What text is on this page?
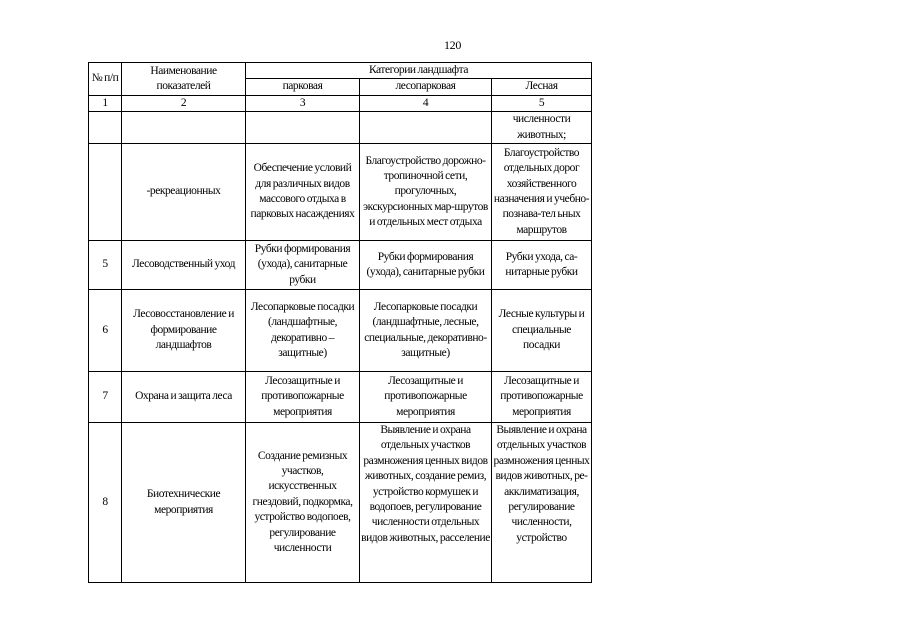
120
№ п/п	Наименование показателей	Категории ландшафта		
		парковая	лесопарковая	Лесная
1	2	3	4	5
				численности животных;
	-рекреационных	Обеспечение условий для различных видов массового отдыха в парковых насаждениях	Благоустройство дорожно-тропиночной сети, прогулочных, экскурсионных мар-шрутов и отдельных мест отдыха	Благоустройство отдельных дорог хозяйственного назначения и учебно-познава-тел ьных маршрутов
5	Лесоводственный уход	Рубки формирования (ухода), санитарные рубки	Рубки формирования (ухода), санитарные рубки	Рубки ухода, са-нитарные рубки
6	Лесовосстановление и формирование ландшафтов	Лесопарковые посадки (ландшафтные, декоративно – защитные)	Лесопарковые посадки (ландшафтные, лесные, специальные, декоративно-защитные)	Лесные культуры и специальные посадки
7	Охрана и защита леса	Лесозащитные и противопожарные мероприятия	Лесозащитные и противопожарные мероприятия	Лесозащитные и противопожарные мероприятия
8	Биотехнические мероприятия	Создание ремизных участков, искусственных гнездовий, подкормка, устройство водопоев, регулирование численности	Выявление и охрана отдельных участков размножения ценных видов животных, создание ремиз, устройство кормушек и водопоев, регулирование численности отдельных видов животных, расселение	Выявление и охрана отдельных участков размножения ценных видов животных, ре-акклиматизация, регулирование численности, устройство
